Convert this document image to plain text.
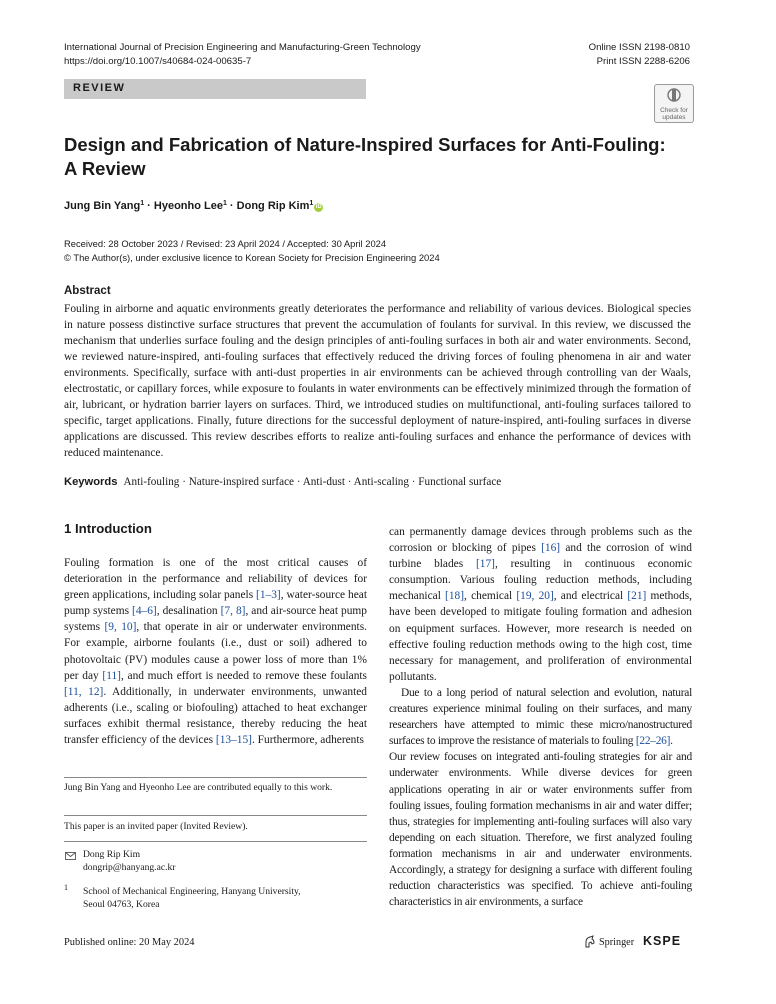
International Journal of Precision Engineering and Manufacturing-Green Technology
https://doi.org/10.1007/s40684-024-00635-7
Online ISSN 2198-0810
Print ISSN 2288-6206
REVIEW
Check for
updates
Design and Fabrication of Nature-Inspired Surfaces for Anti-Fouling:
A Review
Jung Bin Yang$^1$ · Hyeonho Lee$^1$ · Dong Rip Kim$^1$ iD
Received: 28 October 2023 / Revised: 23 April 2024 / Accepted: 30 April 2024
© The Author(s), under exclusive licence to Korean Society for Precision Engineering 2024
Abstract
Fouling in airborne and aquatic environments greatly deteriorates the performance and reliability of various devices. Biological species in nature possess distinctive surface structures that prevent the accumulation of foulants for survival. In this review, we discussed the mechanism that underlies surface fouling and the design principles of anti-fouling surfaces in both air and water environments. Second, we reviewed nature-inspired, anti-fouling surfaces that effectively reduced the driving forces of fouling phenomena in air and water environments. Specifically, surface with anti-dust properties in air environments can be achieved through controlling van der Waals, electrostatic, or capillary forces, while exposure to foulants in water environments can be effectively minimized through the formation of air, lubricant, or hydration barrier layers on surfaces. Third, we introduced studies on multifunctional, anti-fouling surfaces tailored to specific, target applications. Finally, future directions for the successful deployment of nature-inspired, anti-fouling surfaces in diverse applications are discussed. This review describes efforts to realize anti-fouling surfaces and enhance the performance of devices with reduced maintenance.
Keywords Anti-fouling · Nature-inspired surface · Anti-dust · Anti-scaling · Functional surface
1 Introduction

Fouling formation is one of the most critical causes of deterioration in the performance and reliability of devices for green applications, including solar panels [1–3], water-source heat pump systems [4–6], desalination [7, 8], and air-source heat pump systems [9, 10], that operate in air or underwater environments. For example, airborne foulants (i.e., dust or soil) adhered to photovoltaic (PV) modules cause a power loss of more than 1% per day [11], and much effort is needed to remove these foulants [11, 12]. Additionally, in underwater environments, unwanted adherents (i.e., scaling or biofouling) attached to heat exchanger surfaces exhibit thermal resistance, thereby reducing the heat transfer efficiency of the devices [13–15]. Furthermore, adherents

can permanently damage devices through problems such as the corrosion or blocking of pipes [16] and the corrosion of wind turbine blades [17], resulting in continuous economic consumption. Various fouling reduction methods, including mechanical [18], chemical [19, 20], and electrical [21] methods, have been developed to mitigate fouling formation and adhesion on equipment surfaces. However, more research is needed on effective fouling reduction methods owing to the high cost, time necessary for management, and proliferation of environmental pollutants.

Due to a long period of natural selection and evolution, natural creatures experience minimal fouling on their surfaces, and many researchers have attempted to mimic these micro/nanostructured surfaces to improve the resistance of materials to fouling [22–26].

Our review focuses on integrated anti-fouling strategies for air and underwater environments. While diverse devices for green applications operating in air or water environments suffer from fouling issues, fouling formation mechanisms in air and water differ; thus, strategies for implementing anti-fouling surfaces will also vary depending on each situation. Therefore, we first analyzed fouling formation mechanisms in air and underwater environments. Accordingly, a strategy for designing a surface with different fouling reduction characteristics was specified. To achieve anti-fouling characteristics in air environments, a surface

Jung Bin Yang and Hyeonho Lee are contributed equally to this work.
This paper is an invited paper (Invited Review).
Dong Rip Kim
dongrip@hanyang.ac.kr
1	School of Mechanical Engineering, Hanyang University,
Seoul 04763, Korea
Published online: 20 May 2024	Springer KSPE
